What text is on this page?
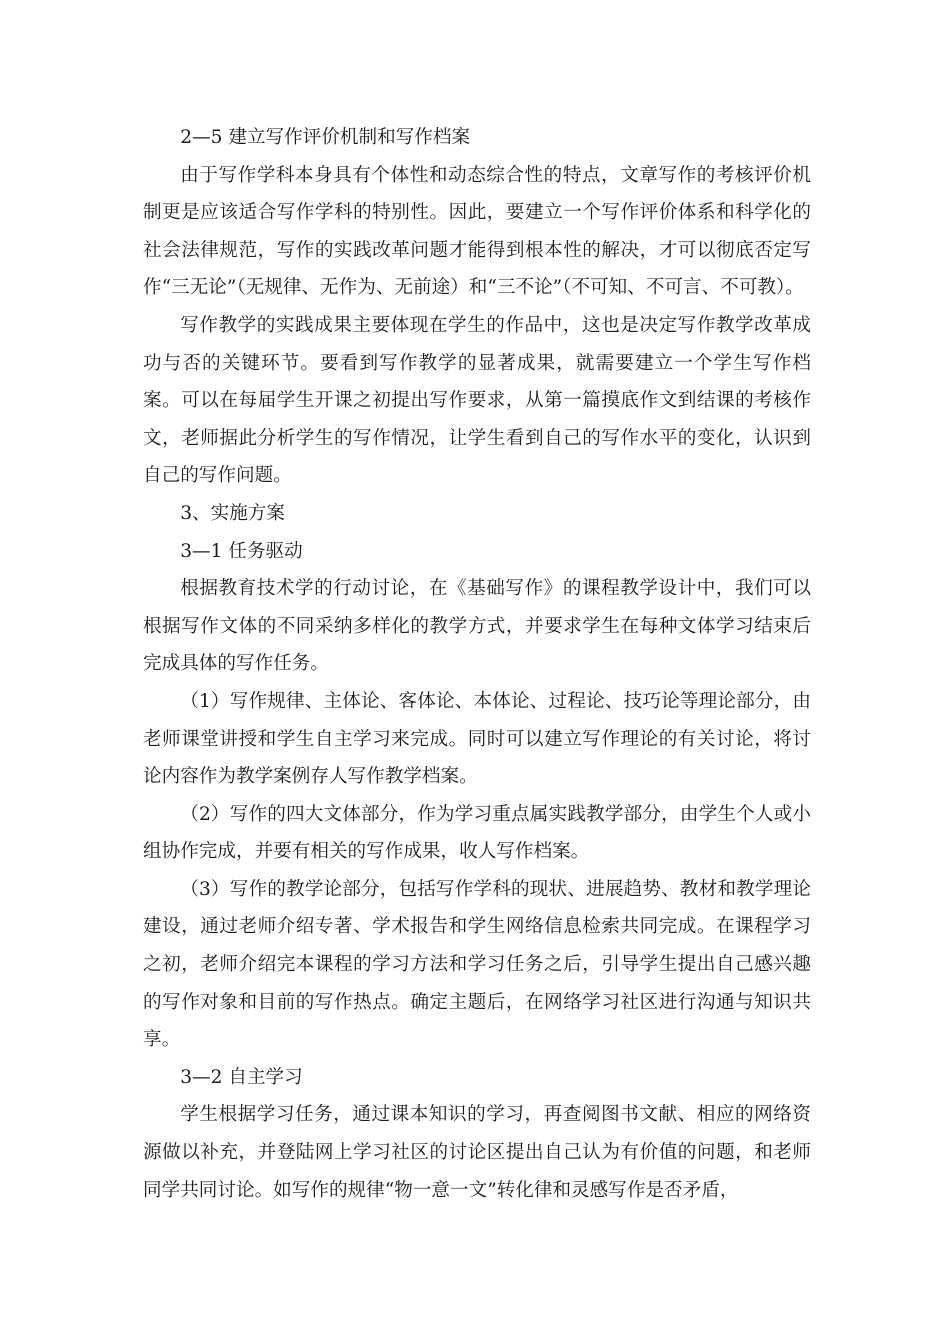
2—5 建立写作评价机制和写作档案

由于写作学科本身具有个体性和动态综合性的特点，文章写作的考核评价机制更是应该适合写作学科的特别性。因此，要建立一个写作评价体系和科学化的社会法律规范，写作的实践改革问题才能得到根本性的解决，才可以彻底否定写作“三无论”（无规律、无作为、无前途）和“三不论”（不可知、不可言、不可教）。

写作教学的实践成果主要体现在学生的作品中，这也是决定写作教学改革成功与否的关键环节。要看到写作教学的显著成果，就需要建立一个学生写作档案。可以在每届学生开课之初提出写作要求，从第一篇摸底作文到结课的考核作文，老师据此分析学生的写作情况，让学生看到自己的写作水平的变化，认识到自己的写作问题。

3、实施方案

3—1 任务驱动

根据教育技术学的行动讨论，在《基础写作》的课程教学设计中，我们可以根据写作文体的不同采纳多样化的教学方式，并要求学生在每种文体学习结束后完成具体的写作任务。

（1）写作规律、主体论、客体论、本体论、过程论、技巧论等理论部分，由老师课堂讲授和学生自主学习来完成。同时可以建立写作理论的有关讨论，将讨论内容作为教学案例存人写作教学档案。

（2）写作的四大文体部分，作为学习重点属实践教学部分，由学生个人或小组协作完成，并要有相关的写作成果，收人写作档案。

（3）写作的教学论部分，包括写作学科的现状、进展趋势、教材和教学理论建设，通过老师介绍专著、学术报告和学生网络信息检索共同完成。在课程学习之初，老师介绍完本课程的学习方法和学习任务之后，引导学生提出自己感兴趣的写作对象和目前的写作热点。确定主题后，在网络学习社区进行沟通与知识共享。

3—2 自主学习

学生根据学习任务，通过课本知识的学习，再查阅图书文献、相应的网络资源做以补充，并登陆网上学习社区的讨论区提出自己认为有价值的问题，和老师同学共同讨论。如写作的规律“物一意一文”转化律和灵感写作是否矛盾，
